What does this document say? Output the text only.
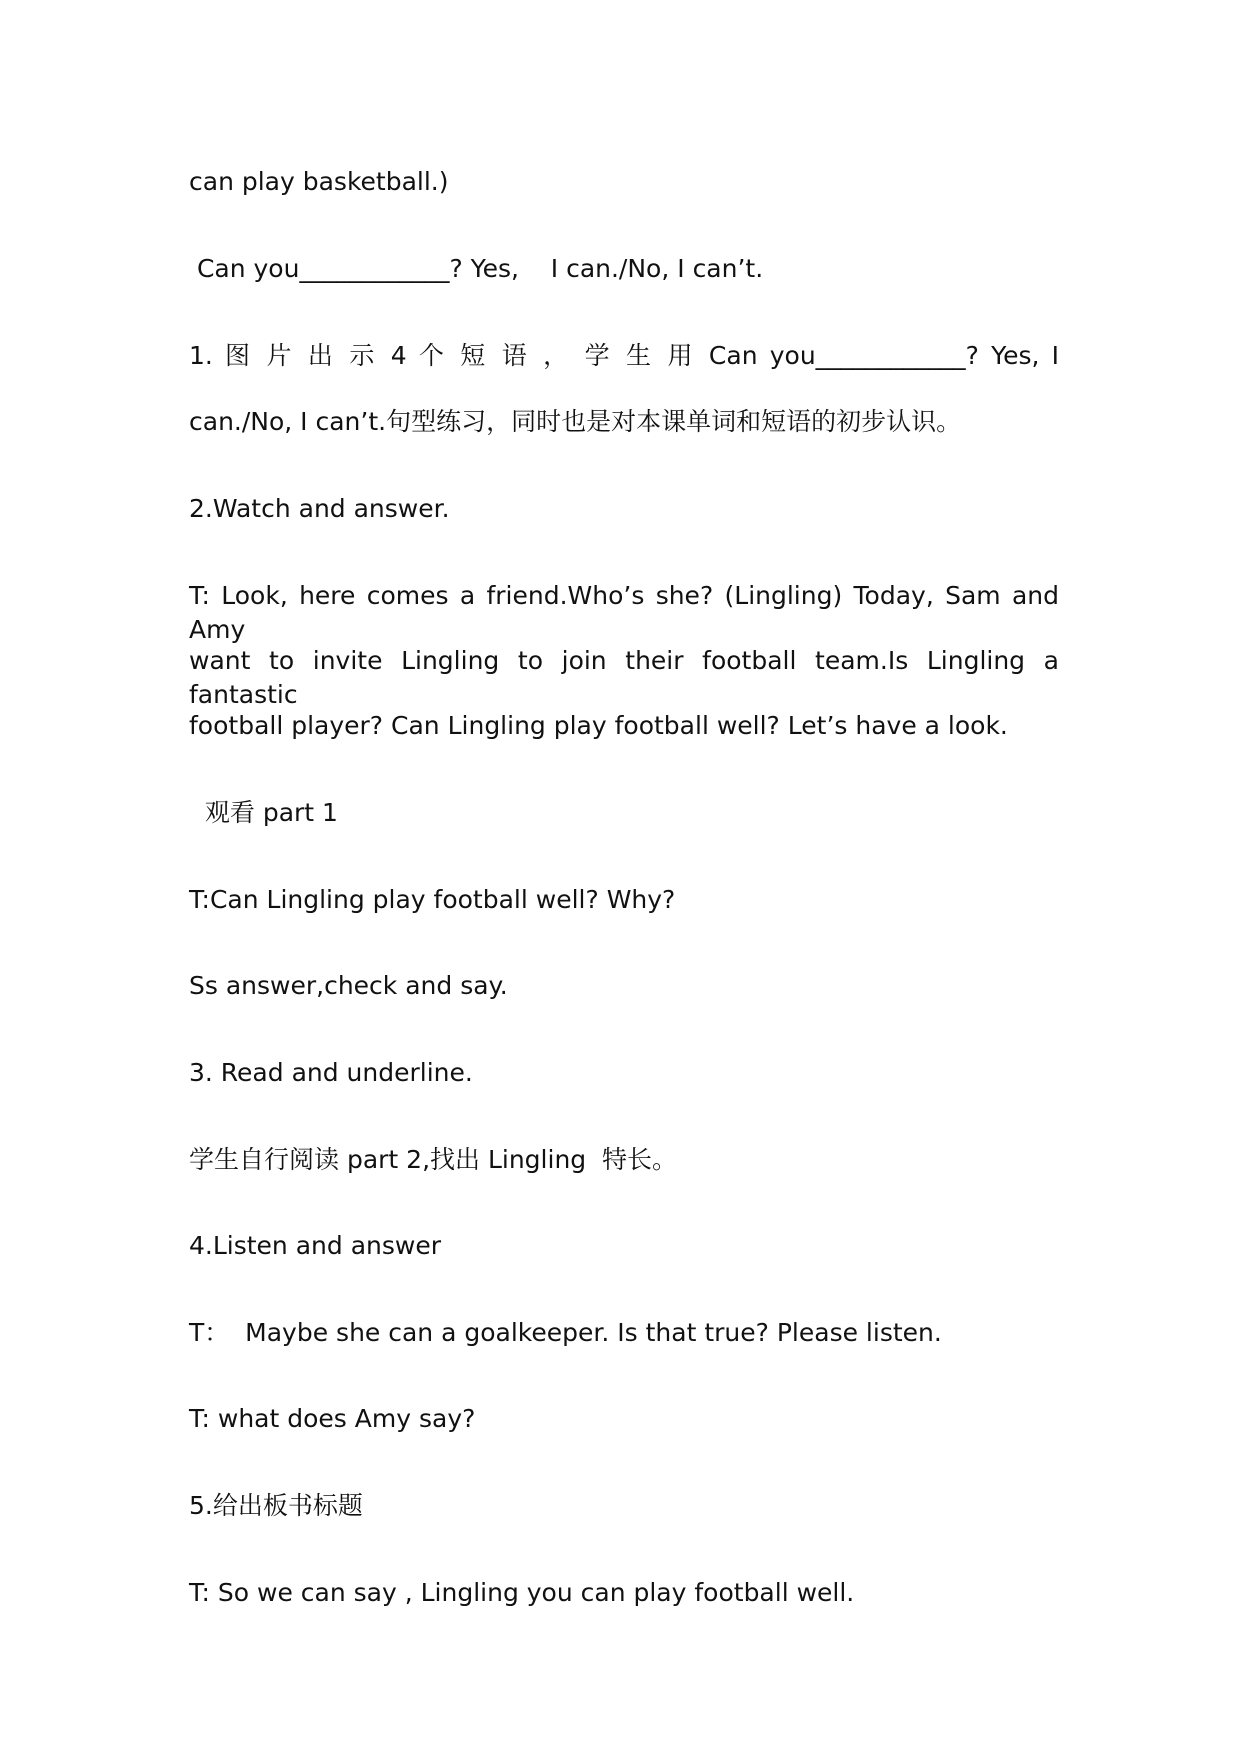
can play basketball.)
Can you____________? Yes,    I can./No, I can’t.
1. 图 片 出 示 4 个 短 语 ， 学 生 用 Can you____________? Yes, I
can./No, I can’t.句型练习，同时也是对本课单词和短语的初步认识。
2.Watch and answer.
T: Look, here comes a friend.Who’s she? (Lingling) Today, Sam and Amy
want to invite Lingling to join their football team.Is Lingling a fantastic
football player? Can Lingling play football well? Let’s have a look.
观看 part 1
T:Can Lingling play football well? Why?
Ss answer,check and say.
3. Read and underline.
学生自行阅读 part 2,找出 Lingling  特长。
4.Listen and answer
T：  Maybe she can a goalkeeper. Is that true? Please listen.
T: what does Amy say?
5.给出板书标题
T: So we can say , Lingling you can play football well.
